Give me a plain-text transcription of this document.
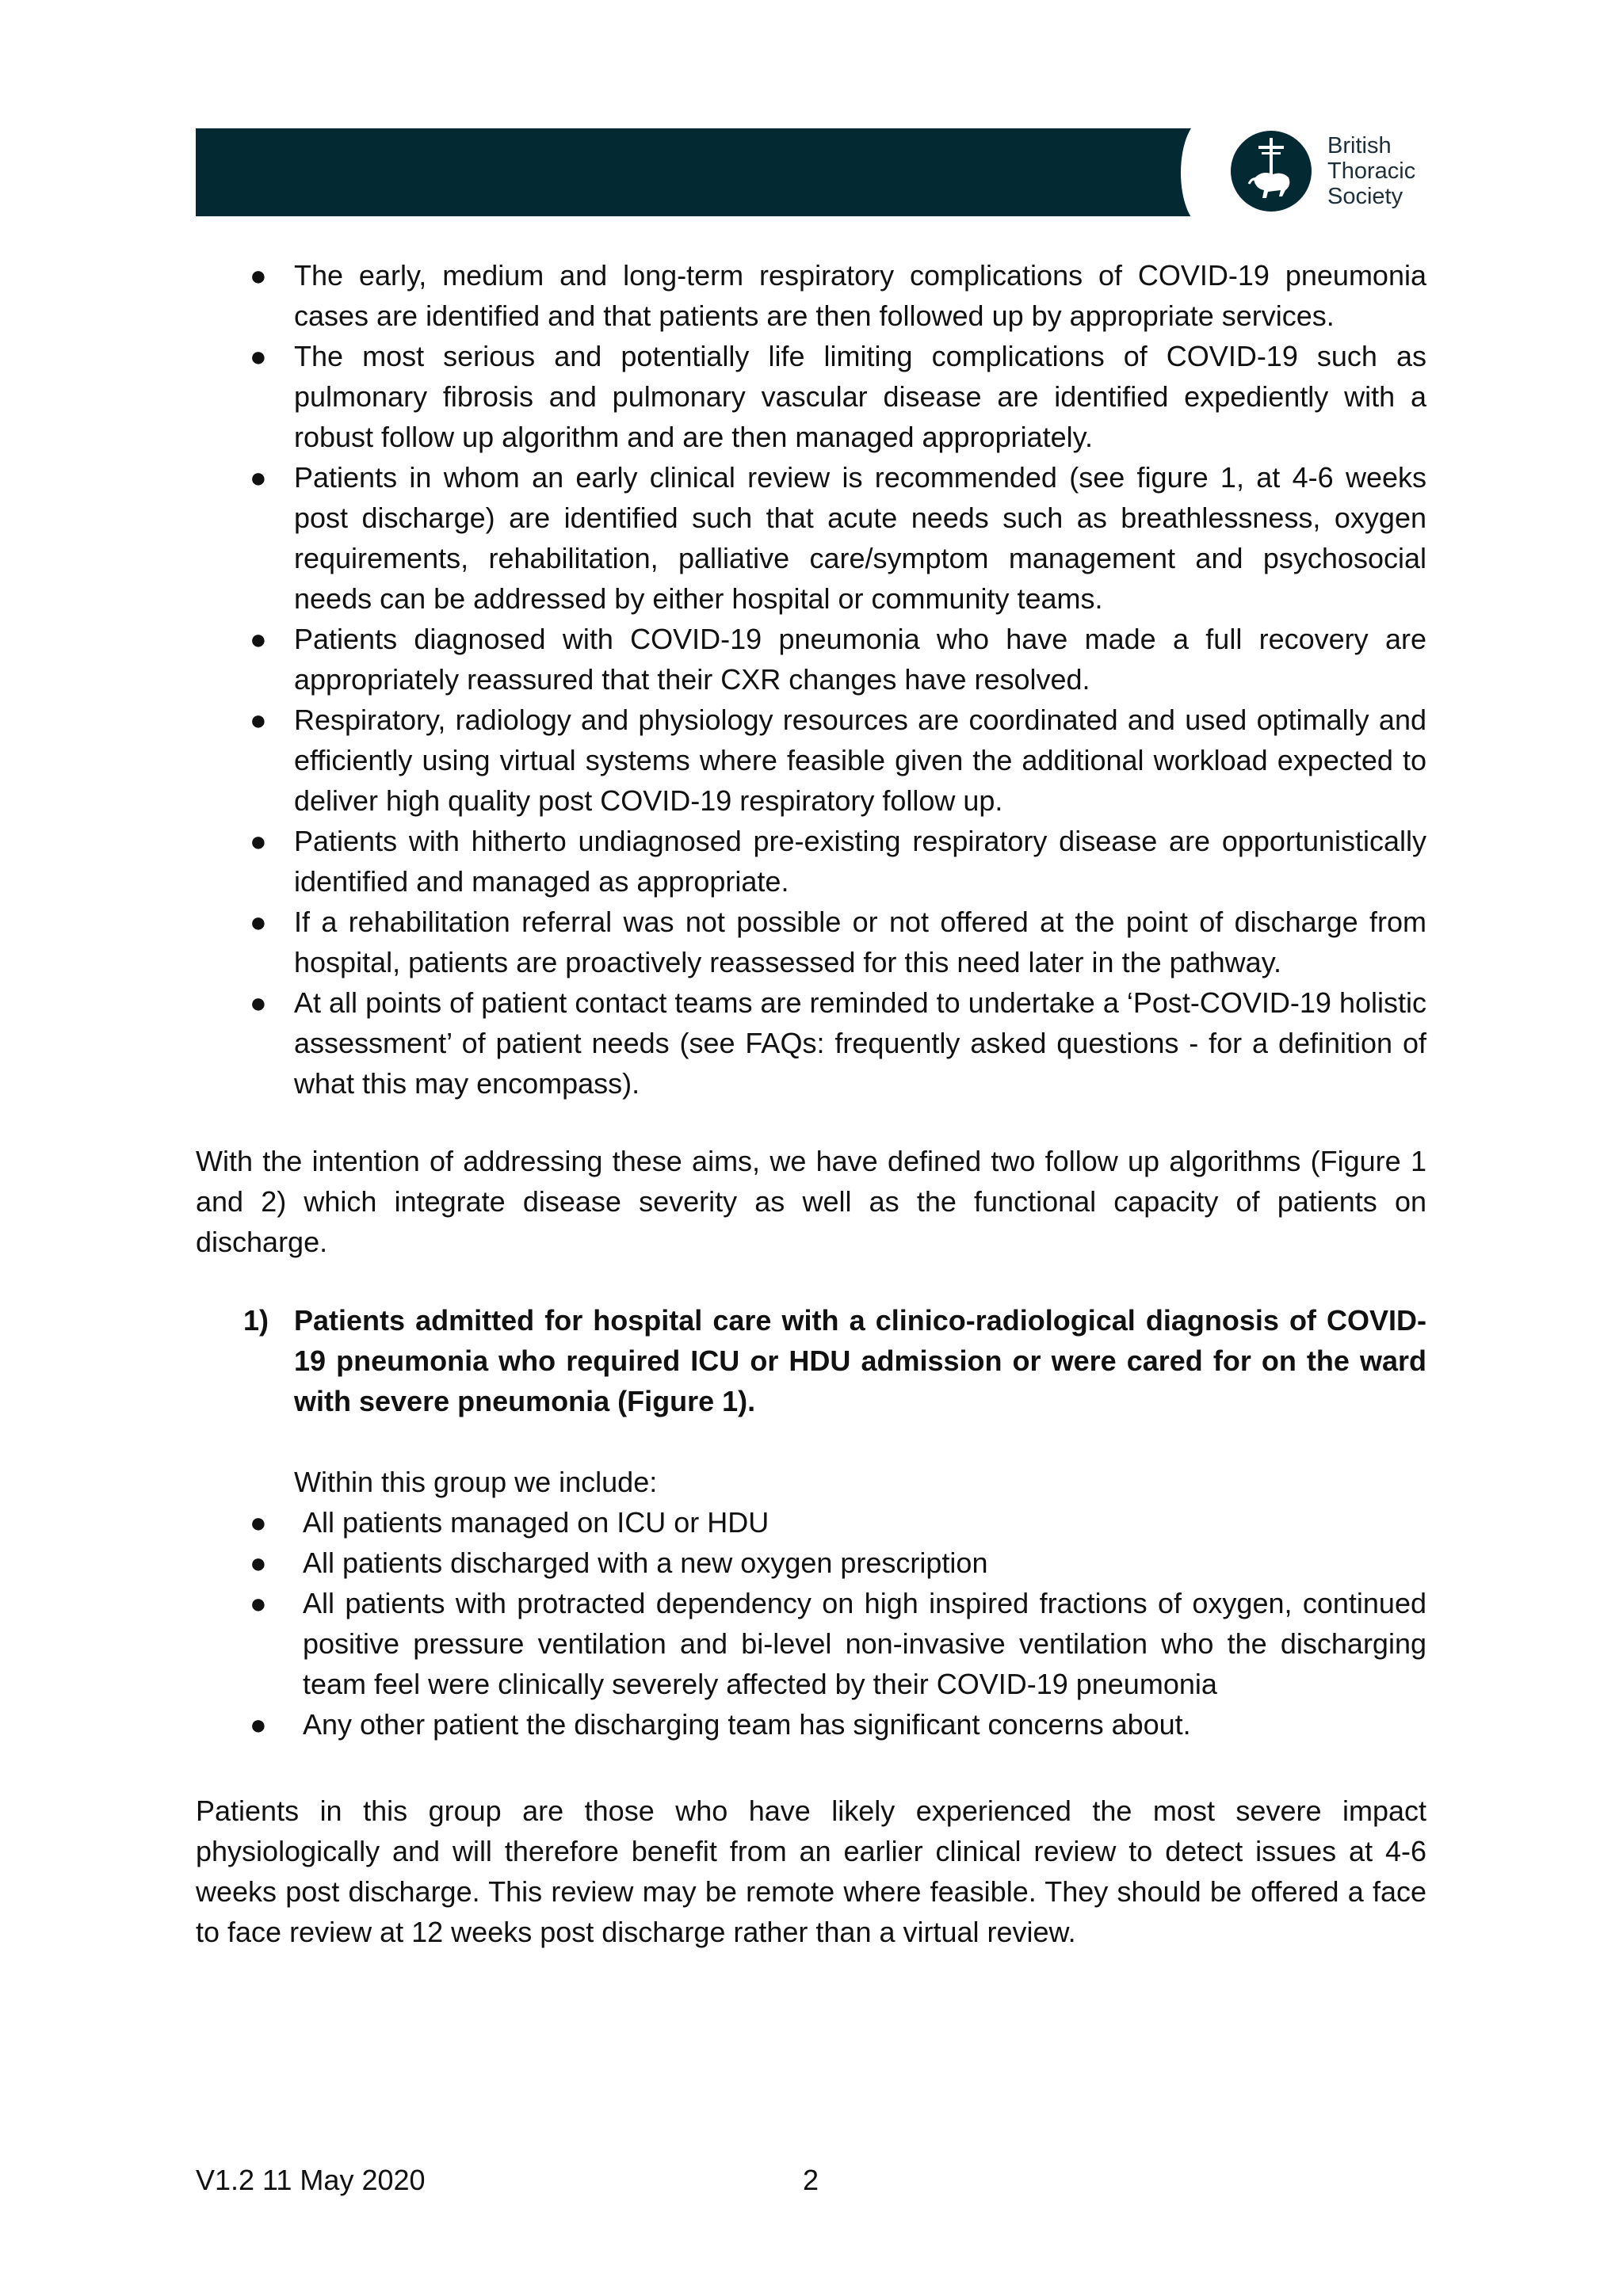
British
Thoracic
Society
● The early, medium and long-term respiratory complications of COVID-19 pneumonia cases are identified and that patients are then followed up by appropriate services.
● The most serious and potentially life limiting complications of COVID-19 such as pulmonary fibrosis and pulmonary vascular disease are identified expediently with a robust follow up algorithm and are then managed appropriately.
● Patients in whom an early clinical review is recommended (see figure 1, at 4-6 weeks post discharge) are identified such that acute needs such as breathlessness, oxygen requirements, rehabilitation, palliative care/symptom management and psychosocial needs can be addressed by either hospital or community teams.
● Patients diagnosed with COVID-19 pneumonia who have made a full recovery are appropriately reassured that their CXR changes have resolved.
● Respiratory, radiology and physiology resources are coordinated and used optimally and efficiently using virtual systems where feasible given the additional workload expected to deliver high quality post COVID-19 respiratory follow up.
● Patients with hitherto undiagnosed pre-existing respiratory disease are opportunistically identified and managed as appropriate.
● If a rehabilitation referral was not possible or not offered at the point of discharge from hospital, patients are proactively reassessed for this need later in the pathway.
● At all points of patient contact teams are reminded to undertake a ‘Post-COVID-19 holistic assessment’ of patient needs (see FAQs: frequently asked questions - for a definition of what this may encompass).

With the intention of addressing these aims, we have defined two follow up algorithms (Figure 1 and 2) which integrate disease severity as well as the functional capacity of patients on discharge.

1) Patients admitted for hospital care with a clinico-radiological diagnosis of COVID-19 pneumonia who required ICU or HDU admission or were cared for on the ward with severe pneumonia (Figure 1).
Within this group we include:
● All patients managed on ICU or HDU
● All patients discharged with a new oxygen prescription
● All patients with protracted dependency on high inspired fractions of oxygen, continued positive pressure ventilation and bi-level non-invasive ventilation who the discharging team feel were clinically severely affected by their COVID-19 pneumonia
● Any other patient the discharging team has significant concerns about.

Patients in this group are those who have likely experienced the most severe impact physiologically and will therefore benefit from an earlier clinical review to detect issues at 4-6 weeks post discharge. This review may be remote where feasible. They should be offered a face to face review at 12 weeks post discharge rather than a virtual review.

V1.2 11 May 2020	2
